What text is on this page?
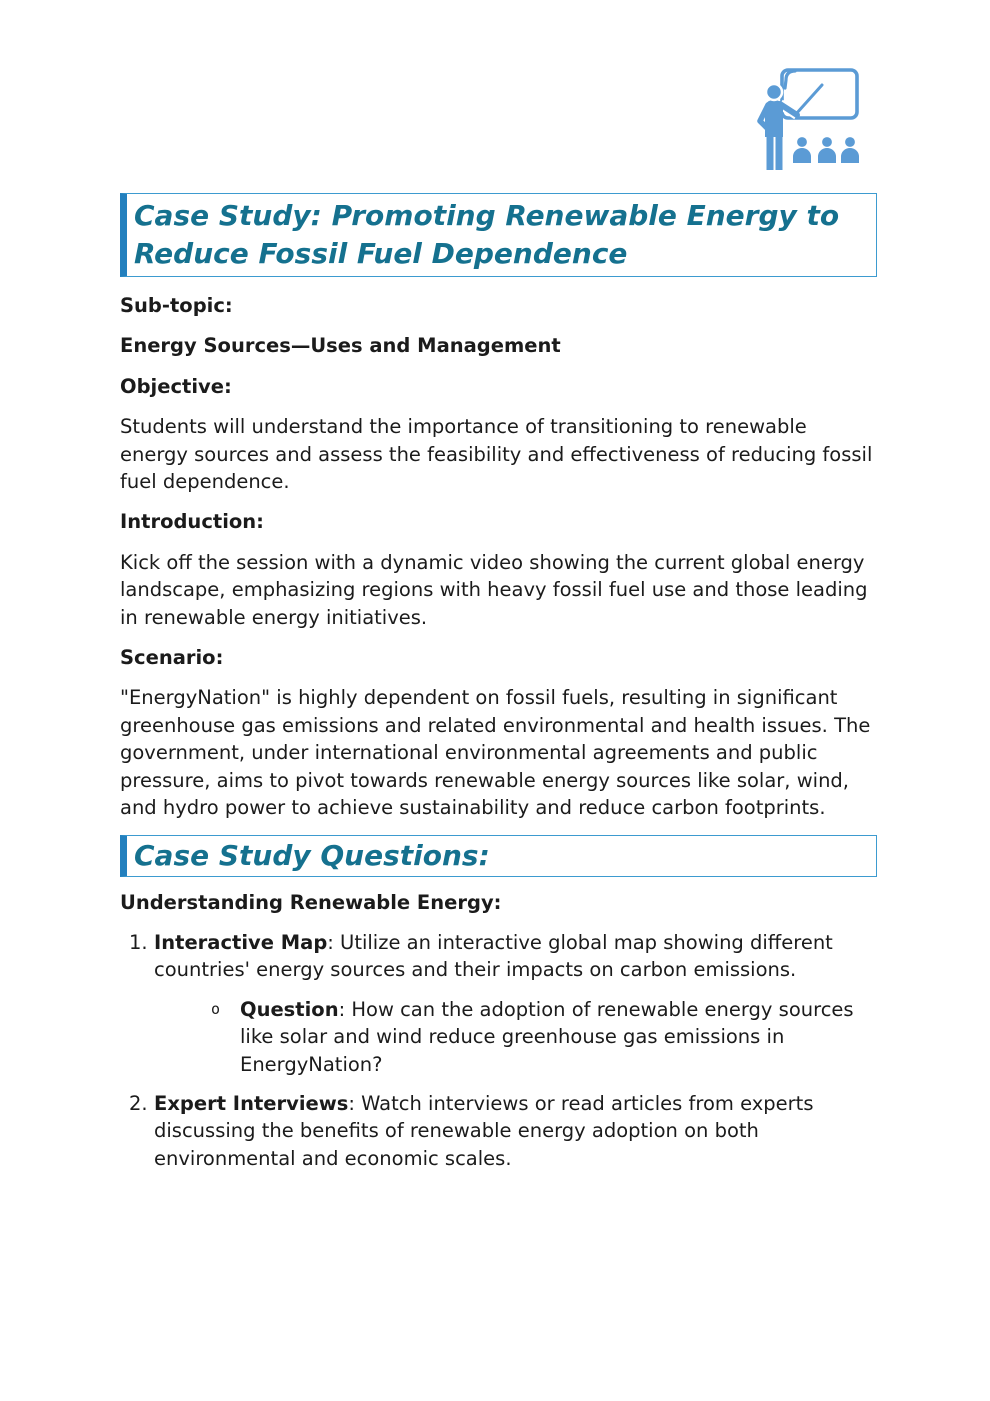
Case Study: Promoting Renewable Energy to Reduce Fossil Fuel Dependence

Sub-topic:

Energy Sources—Uses and Management

Objective:

Students will understand the importance of transitioning to renewable energy sources and assess the feasibility and effectiveness of reducing fossil fuel dependence.

Introduction:

Kick off the session with a dynamic video showing the current global energy landscape, emphasizing regions with heavy fossil fuel use and those leading in renewable energy initiatives.

Scenario:

"EnergyNation" is highly dependent on fossil fuels, resulting in significant greenhouse gas emissions and related environmental and health issues. The government, under international environmental agreements and public pressure, aims to pivot towards renewable energy sources like solar, wind, and hydro power to achieve sustainability and reduce carbon footprints.

Case Study Questions:

Understanding Renewable Energy:

1. Interactive Map: Utilize an interactive global map showing different countries' energy sources and their impacts on carbon emissions.
o Question: How can the adoption of renewable energy sources like solar and wind reduce greenhouse gas emissions in EnergyNation?
2. Expert Interviews: Watch interviews or read articles from experts discussing the benefits of renewable energy adoption on both environmental and economic scales.
